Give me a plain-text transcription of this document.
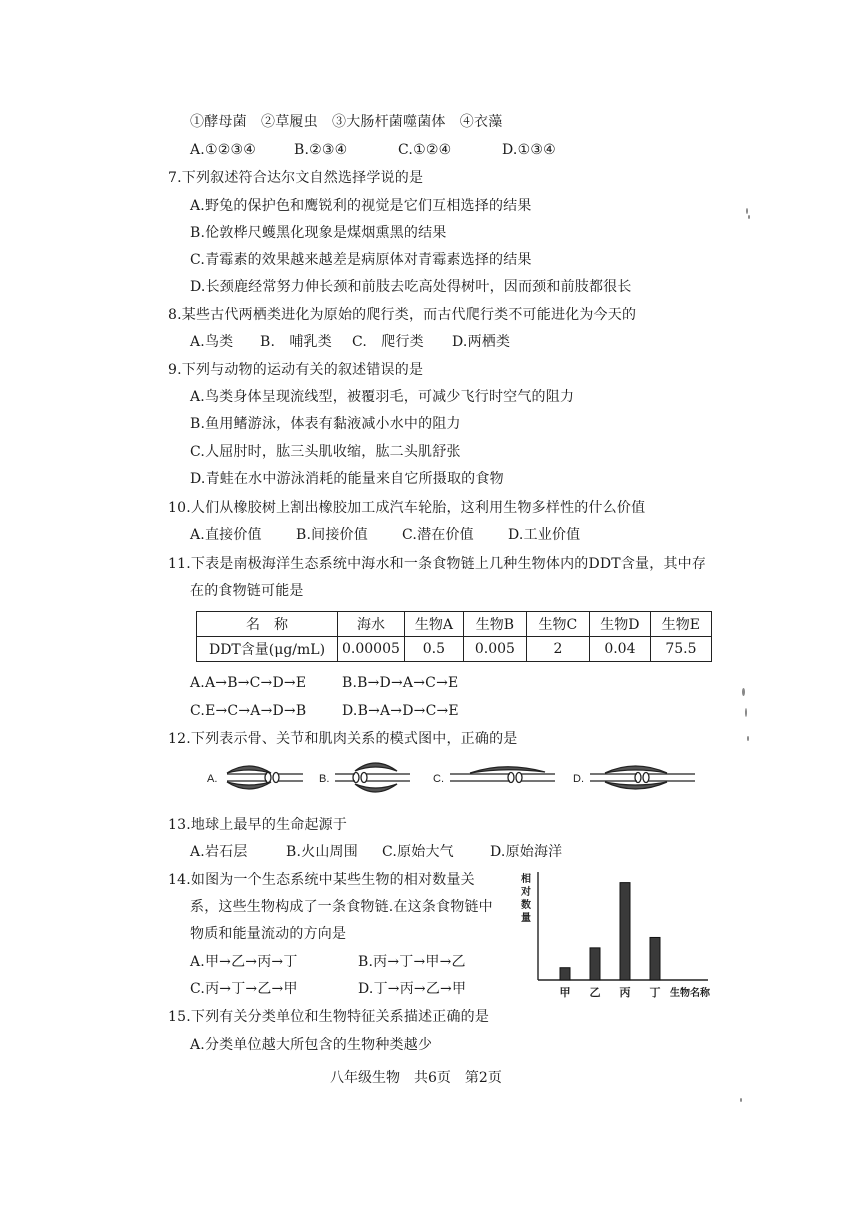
①酵母菌　②草履虫　③大肠杆菌噬菌体　④衣藻
A.①②③④	B.②③④	C.①②④	D.①③④
7.下列叙述符合达尔文自然选择学说的是
A.野兔的保护色和鹰锐利的视觉是它们互相选择的结果
B.伦敦桦尺蠖黑化现象是煤烟熏黑的结果
C.青霉素的效果越来越差是病原体对青霉素选择的结果
D.长颈鹿经常努力伸长颈和前肢去吃高处得树叶，因而颈和前肢都很长
8.某些古代两栖类进化为原始的爬行类，而古代爬行类不可能进化为今天的
A.鸟类 B.　哺乳类 C.　爬行类 D.两栖类
9.下列与动物的运动有关的叙述错误的是
A.鸟类身体呈现流线型，被覆羽毛，可减少飞行时空气的阻力
B.鱼用鳍游泳，体表有黏液减小水中的阻力
C.人屈肘时，肱三头肌收缩，肱二头肌舒张
D.青蛙在水中游泳消耗的能量来自它所摄取的食物
10.人们从橡胶树上割出橡胶加工成汽车轮胎，这利用生物多样性的什么价值
A.直接价值 B.间接价值 C.潜在价值 D.工业价值
11.下表是南极海洋生态系统中海水和一条食物链上几种生物体内的DDT含量，其中存
在的食物链可能是
名　称	海水	生物A	生物B	生物C	生物D	生物E
DDT含量(μg/mL)	0.00005	0.5	0.005	2	0.04	75.5
A.A→B→C→D→E	B.B→D→A→C→E
C.E→C→A→D→B	D.B→A→D→C→E
12.下列表示骨、关节和肌肉关系的模式图中，正确的是
A.	B.	C.	D.
13.地球上最早的生命起源于
A.岩石层	B.火山周围 C.原始大气	D.原始海洋
14.如图为一个生态系统中某些生物的相对数量关
系，这些生物构成了一条食物链.在这条食物链中
物质和能量流动的方向是
A.甲→乙→丙→丁	B.丙→丁→甲→乙
C.丙→丁→乙→甲	D.丁→丙→乙→甲
相
对
数
量
甲 乙 丙 丁 生物名称
15.下列有关分类单位和生物特征关系描述正确的是
A.分类单位越大所包含的生物种类越少
八年级生物　共6页　第2页
